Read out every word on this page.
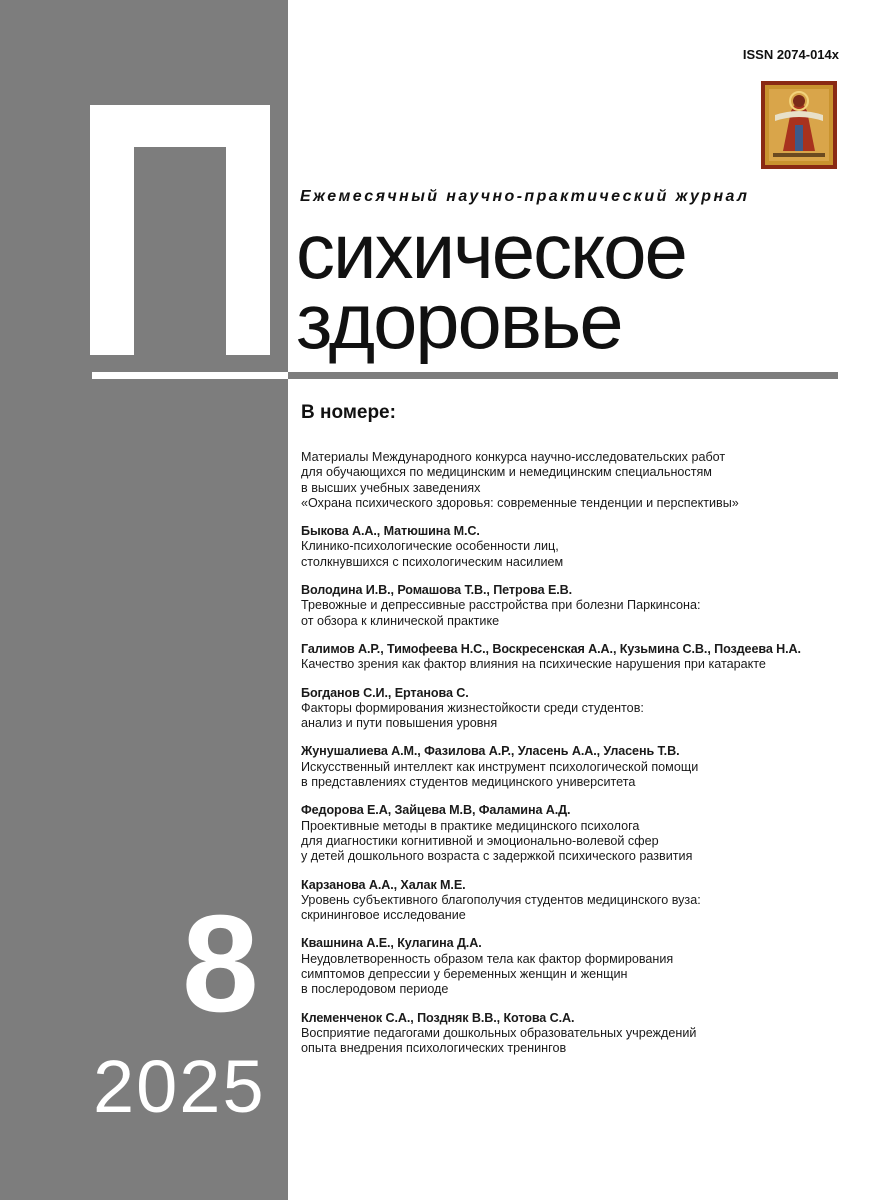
ISSN 2074-014x
Ежемесячный научно-практический журнал
сихическое
здоровье
В номере:
Материалы Международного конкурса научно-исследовательских работ
для обучающихся по медицинским и немедицинским специальностям
в высших учебных заведениях
«Охрана психического здоровья: современные тенденции и перспективы»
Быкова А.А., Матюшина М.С.
Клинико-психологические особенности лиц,
столкнувшихся с психологическим насилием
Володина И.В., Ромашова Т.В., Петрова Е.В.
Тревожные и депрессивные расстройства при болезни Паркинсона:
от обзора к клинической практике
Галимов А.Р., Тимофеева Н.С., Воскресенская А.А., Кузьмина С.В., Поздеева Н.А.
Качество зрения как фактор влияния на психические нарушения при катаракте
Богданов С.И., Ертанова С.
Факторы формирования жизнестойкости среди студентов:
анализ и пути повышения уровня
Жунушалиева А.М., Фазилова А.Р., Уласень А.А., Уласень Т.В.
Искусственный интеллект как инструмент психологической помощи
в представлениях студентов медицинского университета
Федорова Е.А, Зайцева М.В, Фаламина А.Д.
Проективные методы в практике медицинского психолога
для диагностики когнитивной и эмоционально-волевой сфер
у детей дошкольного возраста с задержкой психического развития
Карзанова А.А., Халак М.Е.
Уровень субъективного благополучия студентов медицинского вуза:
скрининговое исследование
Квашнина А.Е., Кулагина Д.А.
Неудовлетворенность образом тела как фактор формирования
симптомов депрессии у беременных женщин и женщин
в послеродовом периоде
Клеменченок С.А., Поздняк В.В., Котова С.А.
Восприятие педагогами дошкольных образовательных учреждений
опыта внедрения психологических тренингов
8
2025
